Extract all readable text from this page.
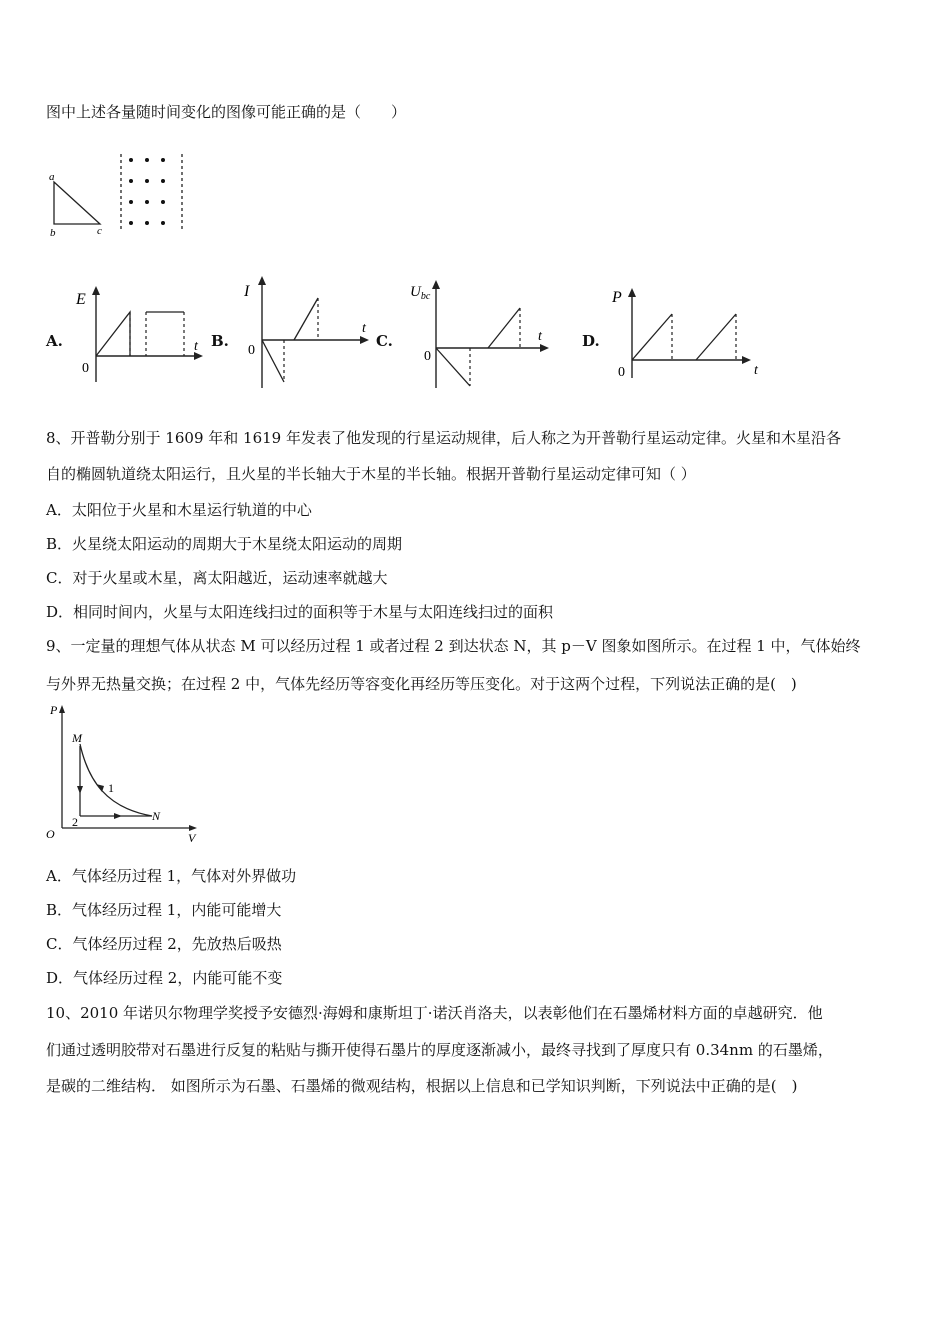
图中上述各量随时间变化的图像可能正确的是（　　）
a
b	c
A.
E
t
0
B.
I
t
0
C.
$U_{bc}$
t
0
D.
P
t
0
8、开普勒分别于 1609 年和 1619 年发表了他发现的行星运动规律，后人称之为开普勒行星运动定律。火星和木星沿各
自的椭圆轨道绕太阳运行，且火星的半长轴大于木星的半长轴。根据开普勒行星运动定律可知（ ）
A．太阳位于火星和木星运行轨道的中心
B．火星绕太阳运动的周期大于木星绕太阳运动的周期
C．对于火星或木星，离太阳越近，运动速率就越大
D．相同时间内，火星与太阳连线扫过的面积等于木星与太阳连线扫过的面积
9、一定量的理想气体从状态 M 可以经历过程 1 或者过程 2 到达状态 N，其 p－V 图象如图所示。在过程 1 中，气体始终
与外界无热量交换；在过程 2 中，气体先经历等容变化再经历等压变化。对于这两个过程，下列说法正确的是(　)
P
V
O
M
N
1
2
A．气体经历过程 1，气体对外界做功
B．气体经历过程 1，内能可能增大
C．气体经历过程 2，先放热后吸热
D．气体经历过程 2，内能可能不变
10、2010 年诺贝尔物理学奖授予安德烈·海姆和康斯坦丁·诺沃肖洛夫，以表彰他们在石墨烯材料方面的卓越研究．他
们通过透明胶带对石墨进行反复的粘贴与撕开使得石墨片的厚度逐渐减小，最终寻找到了厚度只有 0.34nm 的石墨烯，
是碳的二维结构． 如图所示为石墨、石墨烯的微观结构，根据以上信息和已学知识判断，下列说法中正确的是(　)
